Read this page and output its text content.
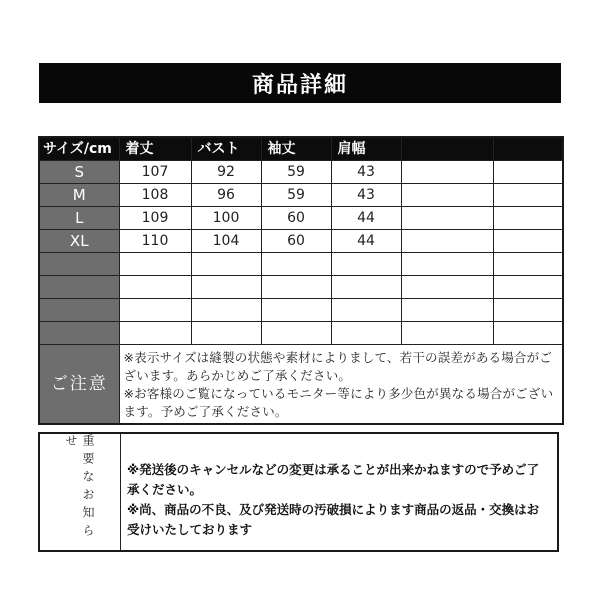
商品詳細
サイズ/cm	着丈	バスト	袖丈	肩幅		
S	107	92	59	43		
M	108	96	59	43		
L	109	100	60	44		
XL	110	104	60	44		

ご注意	※表示サイズは縫製の状態や素材によりまして、若干の誤差がある場合がございます。あらかじめご了承ください。
※お客様のご覧になっているモニター等により多少色が異なる場合がございます。予めご了承ください。					
重要なお知らせ

※発送後のキャンセルなどの変更は承ることが出来かねますので予めご了承ください。

※尚、商品の不良、及び発送時の汚破損によります商品の返品・交換はお受けいたしております
